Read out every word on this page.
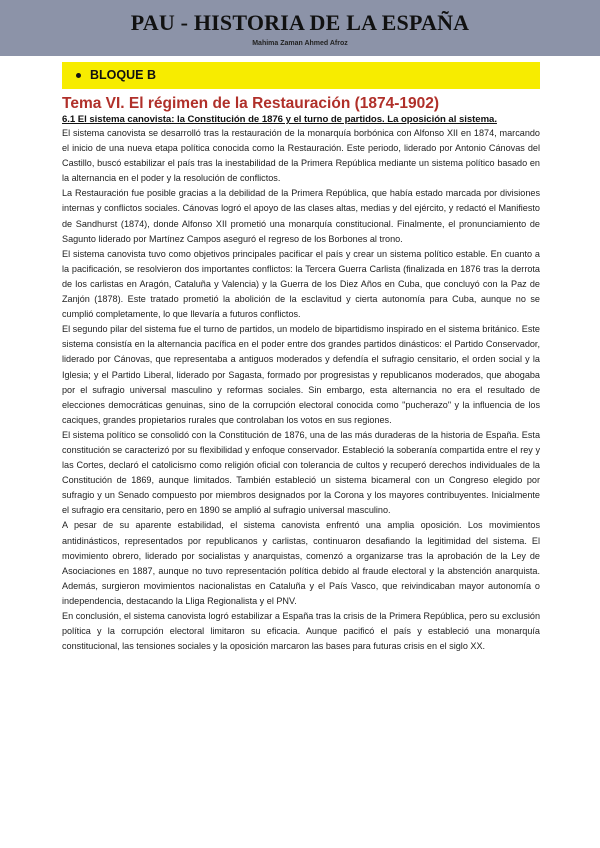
PAU - HISTORIA DE LA ESPAÑA
Mahima Zaman Ahmed Afroz
BLOQUE B

Tema VI. El régimen de la Restauración (1874-1902)

6.1 El sistema canovista: la Constitución de 1876 y el turno de partidos. La oposición al sistema.

El sistema canovista se desarrolló tras la restauración de la monarquía borbónica con Alfonso XII en 1874, marcando el inicio de una nueva etapa política conocida como la Restauración. Este periodo, liderado por Antonio Cánovas del Castillo, buscó estabilizar el país tras la inestabilidad de la Primera República mediante un sistema político basado en la alternancia en el poder y la resolución de conflictos.

La Restauración fue posible gracias a la debilidad de la Primera República, que había estado marcada por divisiones internas y conflictos sociales. Cánovas logró el apoyo de las clases altas, medias y del ejército, y redactó el Manifiesto de Sandhurst (1874), donde Alfonso XII prometió una monarquía constitucional. Finalmente, el pronunciamiento de Sagunto liderado por Martínez Campos aseguró el regreso de los Borbones al trono.

El sistema canovista tuvo como objetivos principales pacificar el país y crear un sistema político estable. En cuanto a la pacificación, se resolvieron dos importantes conflictos: la Tercera Guerra Carlista (finalizada en 1876 tras la derrota de los carlistas en Aragón, Cataluña y Valencia) y la Guerra de los Diez Años en Cuba, que concluyó con la Paz de Zanjón (1878). Este tratado prometió la abolición de la esclavitud y cierta autonomía para Cuba, aunque no se cumplió completamente, lo que llevaría a futuros conflictos.

El segundo pilar del sistema fue el turno de partidos, un modelo de bipartidismo inspirado en el sistema británico. Este sistema consistía en la alternancia pacífica en el poder entre dos grandes partidos dinásticos: el Partido Conservador, liderado por Cánovas, que representaba a antiguos moderados y defendía el sufragio censitario, el orden social y la Iglesia; y el Partido Liberal, liderado por Sagasta, formado por progresistas y republicanos moderados, que abogaba por el sufragio universal masculino y reformas sociales. Sin embargo, esta alternancia no era el resultado de elecciones democráticas genuinas, sino de la corrupción electoral conocida como "pucherazo" y la influencia de los caciques, grandes propietarios rurales que controlaban los votos en sus regiones.

El sistema político se consolidó con la Constitución de 1876, una de las más duraderas de la historia de España. Esta constitución se caracterizó por su flexibilidad y enfoque conservador. Estableció la soberanía compartida entre el rey y las Cortes, declaró el catolicismo como religión oficial con tolerancia de cultos y recuperó derechos individuales de la Constitución de 1869, aunque limitados. También estableció un sistema bicameral con un Congreso elegido por sufragio y un Senado compuesto por miembros designados por la Corona y los mayores contribuyentes. Inicialmente el sufragio era censitario, pero en 1890 se amplió al sufragio universal masculino.

A pesar de su aparente estabilidad, el sistema canovista enfrentó una amplia oposición. Los movimientos antidinásticos, representados por republicanos y carlistas, continuaron desafiando la legitimidad del sistema. El movimiento obrero, liderado por socialistas y anarquistas, comenzó a organizarse tras la aprobación de la Ley de Asociaciones en 1887, aunque no tuvo representación política debido al fraude electoral y la abstención anarquista. Además, surgieron movimientos nacionalistas en Cataluña y el País Vasco, que reivindicaban mayor autonomía o independencia, destacando la Lliga Regionalista y el PNV.

En conclusión, el sistema canovista logró estabilizar a España tras la crisis de la Primera República, pero su exclusión política y la corrupción electoral limitaron su eficacia. Aunque pacificó el país y estableció una monarquía constitucional, las tensiones sociales y la oposición marcaron las bases para futuras crisis en el siglo XX.
